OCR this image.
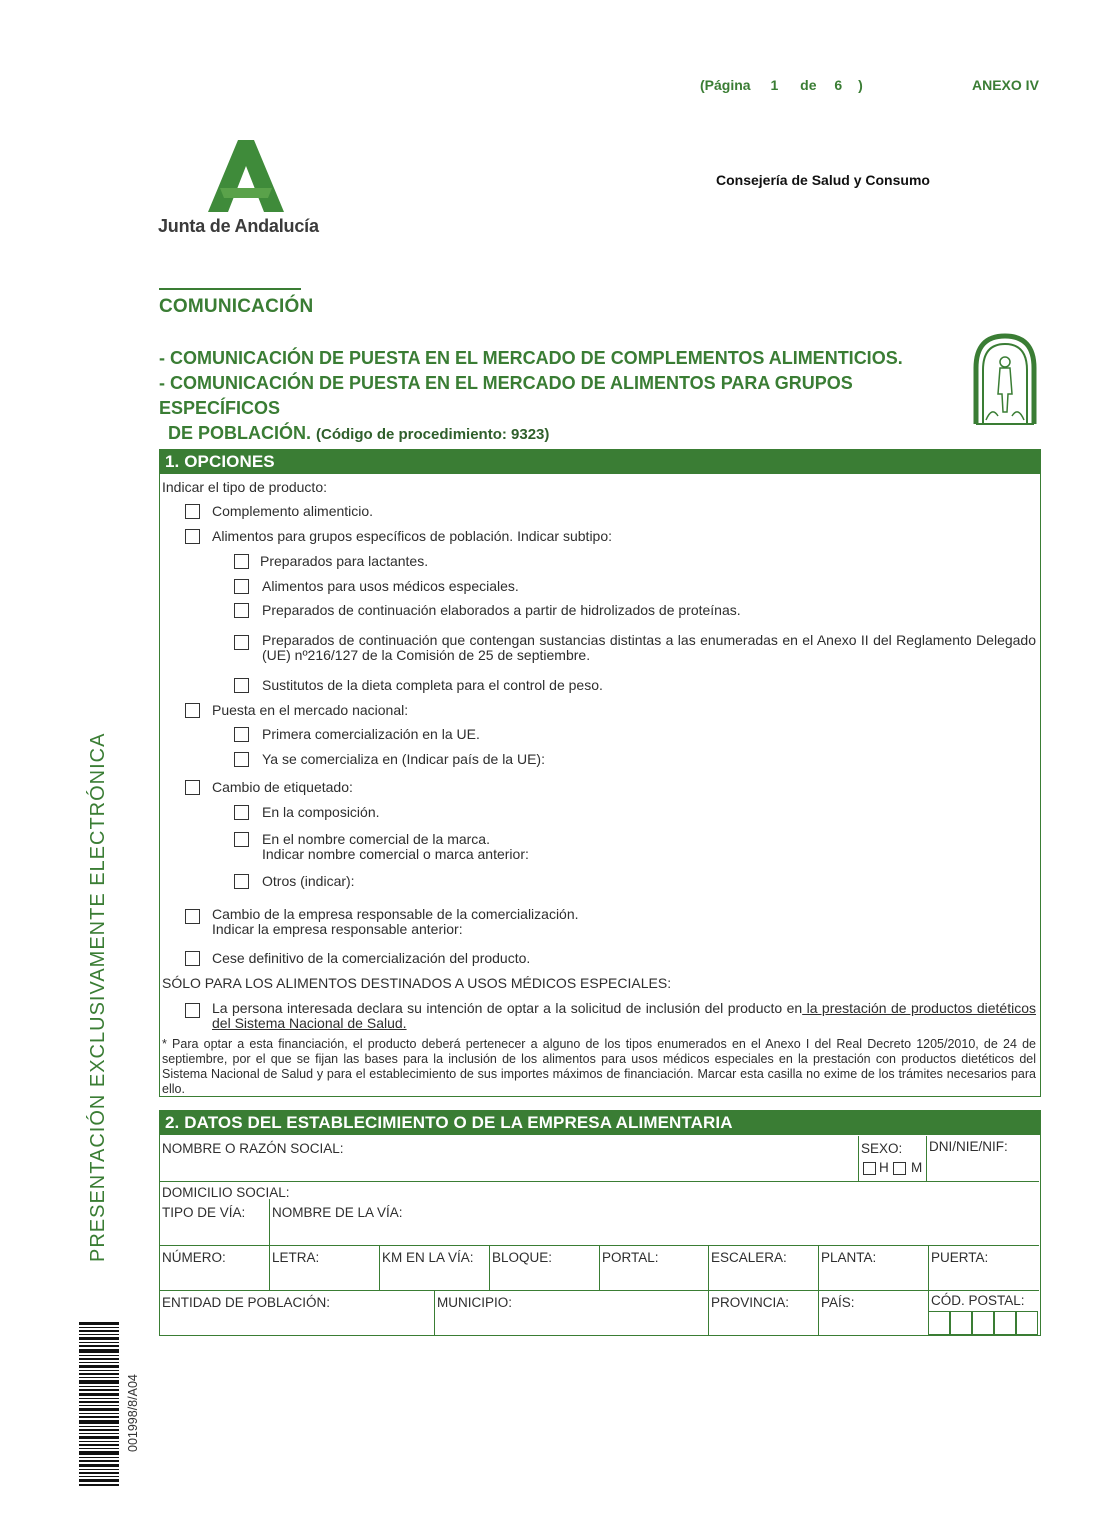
(Página 1 de 6 )	ANEXO IV
Junta de Andalucía
Consejería de Salud y Consumo
COMUNICACIÓN
- COMUNICACIÓN DE PUESTA EN EL MERCADO DE COMPLEMENTOS ALIMENTICIOS.
- COMUNICACIÓN DE PUESTA EN EL MERCADO DE ALIMENTOS PARA GRUPOS ESPECÍFICOS
DE POBLACIÓN. (Código de procedimiento: 9323)
PRESENTACIÓN EXCLUSIVAMENTE ELECTRÓNICA
001998/8/A04
1. OPCIONES
Indicar el tipo de producto:
Complemento alimenticio.
Alimentos para grupos específicos de población. Indicar subtipo:
Preparados para lactantes.
Alimentos para usos médicos especiales.
Preparados de continuación elaborados a partir de hidrolizados de proteínas.
Preparados de continuación que contengan sustancias distintas a las enumeradas en el Anexo II del Reglamento Delegado (UE) nº216/127 de la Comisión de 25 de septiembre.
Sustitutos de la dieta completa para el control de peso.
Puesta en el mercado nacional:
Primera comercialización en la UE.
Ya se comercializa en (Indicar país de la UE):
Cambio de etiquetado:
En la composición.
En el nombre comercial de la marca.
Indicar nombre comercial o marca anterior:
Otros (indicar):
Cambio de la empresa responsable de la comercialización.
Indicar la empresa responsable anterior:
Cese definitivo de la comercialización del producto.
SÓLO PARA LOS ALIMENTOS DESTINADOS A USOS MÉDICOS ESPECIALES:
La persona interesada declara su intención de optar a la solicitud de inclusión del producto en la prestación de productos dietéticos del Sistema Nacional de Salud.
* Para optar a esta financiación, el producto deberá pertenecer a alguno de los tipos enumerados en el Anexo I del Real Decreto 1205/2010, de 24 de septiembre, por el que se fijan las bases para la inclusión de los alimentos para usos médicos especiales en la prestación con productos dietéticos del Sistema Nacional de Salud y para el establecimiento de sus importes máximos de financiación. Marcar esta casilla no exime de los trámites necesarios para ello.
2. DATOS DEL ESTABLECIMIENTO O DE LA EMPRESA ALIMENTARIA
NOMBRE O RAZÓN SOCIAL:	SEXO:
H M
DNI/NIE/NIF:
DOMICILIO SOCIAL:
TIPO DE VÍA: NOMBRE DE LA VÍA:
NÚMERO:	LETRA:	KM EN LA VÍA: BLOQUE:	PORTAL:	ESCALERA:	PLANTA:	PUERTA:
ENTIDAD DE POBLACIÓN:	MUNICIPIO:	PROVINCIA: PAÍS:	CÓD. POSTAL:
